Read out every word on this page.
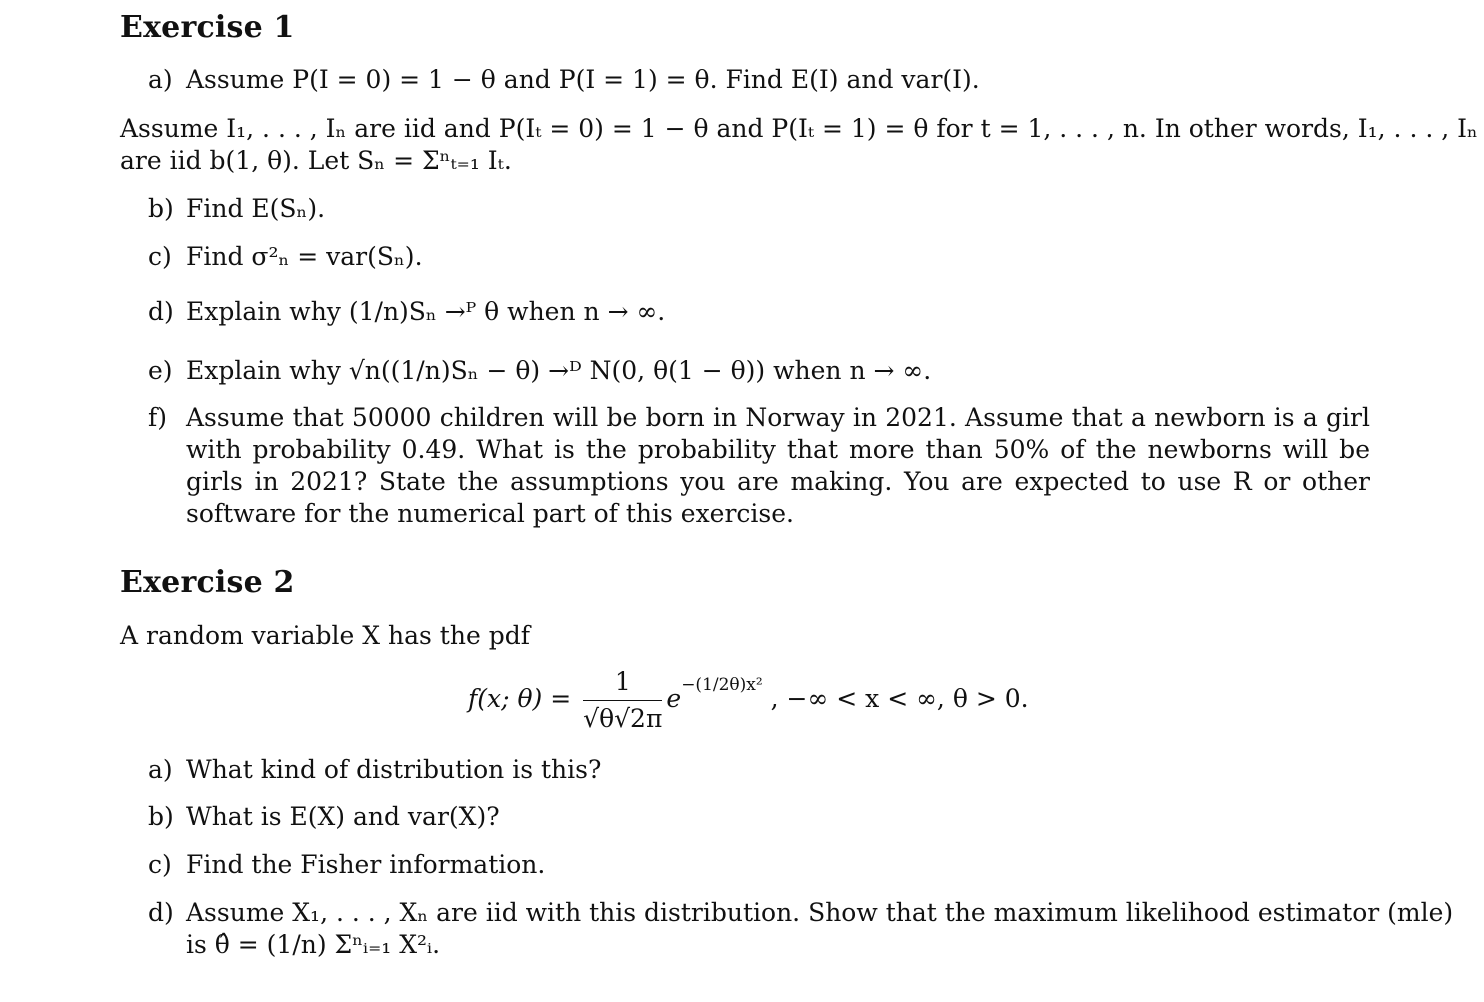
Exercise 1
a) Assume P(I = 0) = 1 − θ and P(I = 1) = θ. Find E(I) and var(I).
Assume I₁, . . . , Iₙ are iid and P(Iₜ = 0) = 1 − θ and P(Iₜ = 1) = θ for t = 1, . . . , n. In other words, I₁, . . . , Iₙ
are iid b(1, θ). Let Sₙ = Σⁿₜ₌₁ Iₜ.
b) Find E(Sₙ).
c) Find σ²ₙ = var(Sₙ).
d) Explain why (1/n)Sₙ →ᴾ θ when n → ∞.
e) Explain why √n((1/n)Sₙ − θ) →ᴰ N(0, θ(1 − θ)) when n → ∞.
f) Assume that 50000 children will be born in Norway in 2021. Assume that a newborn is a girl with probability 0.49. What is the probability that more than 50% of the newborns will be girls in 2021? State the assumptions you are making. You are expected to use R or other software for the numerical part of this exercise.
Exercise 2
A random variable X has the pdf
f(x; $\theta) = \frac{1}{√\theta√2\pi} e^{-(1/2\theta)x^2}$ , −∞ < x < ∞, θ > 0.
a) What kind of distribution is this?
b) What is E(X) and var(X)?
c) Find the Fisher information.
d) Assume X₁, . . . , Xₙ are iid with this distribution. Show that the maximum likelihood estimator (mle)
is θ̂ = (1/n) Σⁿᵢ₌₁ X²ᵢ.
